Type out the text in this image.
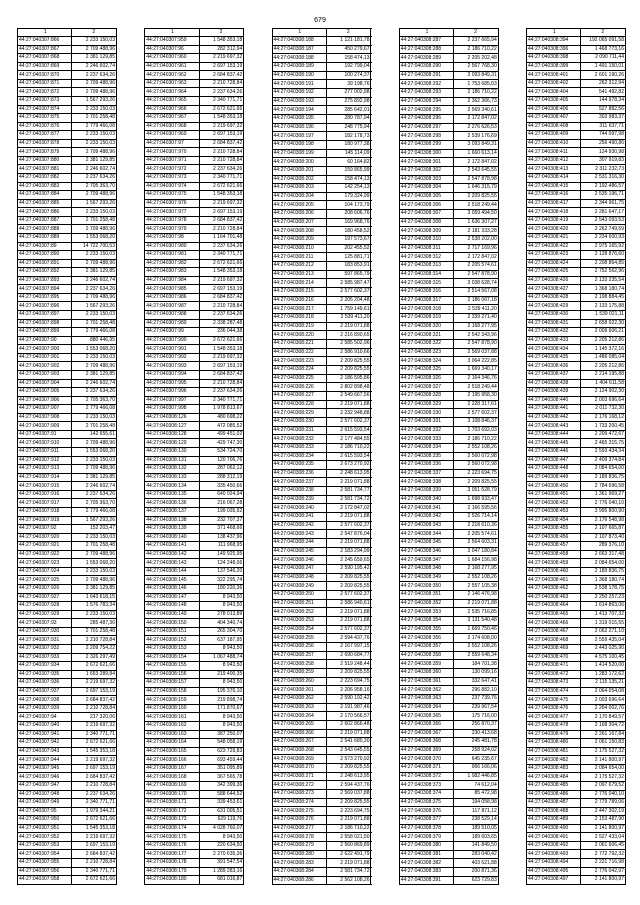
679
1	2
44:27:040307:866	2 233 150,03
44:27:040307:867	2 709 488,96
44:27:040307:868	2 381 129,85
44:27:040307:869	2 246 602,74
44:27:040307:870	2 237 634,26
44:27:040307:871	2 709 488,96
44:27:040307:872	2 709 488,96
44:27:040307:873	1 567 293,26
44:27:040307:874	2 233 150,03
44:27:040307:875	2 701 258,48
44:27:040307:876	2 779 466,08
44:27:040307:877	2 233 150,03
44:27:040307:878	2 233 150,03
44:27:040307:879	2 709 488,96
44:27:040307:880	2 381 129,85
44:27:040307:881	2 246 602,74
44:27:040307:882	2 237 634,26
44:27:040307:883	2 705 363,70
44:27:040307:884	2 709 488,96
44:27:040307:885	1 567 293,26
44:27:040307:886	2 233 150,03
44:27:040307:887	2 701 258,48
44:27:040307:888	2 709 488,96
44:27:040307:889	1 553 068,20
44:27:040307:89	14 722 700,53
44:27:040307:890	2 233 150,03
44:27:040307:891	2 709 488,96
44:27:040307:892	2 381 129,85
44:27:040307:893	2 246 602,74
44:27:040307:894	2 237 634,26
44:27:040307:895	2 709 488,96
44:27:040307:896	1 567 293,26
44:27:040307:897	2 233 150,03
44:27:040307:898	2 701 258,48
44:27:040307:899	2 779 466,08
44:27:040307:90	880 446,95
44:27:040307:900	1 553 068,20
44:27:040307:901	2 233 150,03
44:27:040307:902	2 709 488,96
44:27:040307:903	2 381 129,85
44:27:040307:904	2 246 602,74
44:27:040307:905	2 237 634,26
44:27:040307:906	2 705 363,70
44:27:040307:907	2 779 466,08
44:27:040307:908	2 233 150,03
44:27:040307:909	2 701 258,48
44:27:040307:91	142 655,61
44:27:040307:910	2 709 488,96
44:27:040307:911	1 553 068,20
44:27:040307:912	2 233 150,03
44:27:040307:913	2 709 488,96
44:27:040307:914	2 381 129,85
44:27:040307:915	2 246 602,74
44:27:040307:916	2 237 634,26
44:27:040307:917	2 705 363,70
44:27:040307:918	2 779 466,08
44:27:040307:919	1 567 293,26
44:27:040307:92	152 203,47
44:27:040307:920	2 233 150,03
44:27:040307:921	2 701 258,48
44:27:040307:922	2 709 488,96
44:27:040307:923	1 553 068,20
44:27:040307:924	2 233 150,03
44:27:040307:925	2 709 488,96
44:27:040307:926	2 381 129,85
44:27:040307:927	1 643 618,15
44:27:040307:928	1 576 783,34
44:27:040307:929	2 233 150,03
44:27:040307:93	285 487,36
44:27:040307:930	2 701 258,48
44:27:040307:931	2 210 728,84
44:27:040307:932	2 209 754,22
44:27:040307:933	2 326 297,49
44:27:040307:934	2 672 621,66
44:27:040307:935	1 653 289,84
44:27:040307:936	2 219 697,32
44:27:040307:937	2 697 153,19
44:27:040307:938	2 684 837,42
44:27:040307:939	2 210 728,84
44:27:040307:94	217 320,06
44:27:040307:940	2 219 697,32
44:27:040307:941	2 340 771,71
44:27:040307:942	2 672 621,66
44:27:040307:943	1 545 353,18
44:27:040307:944	2 219 697,32
44:27:040307:945	2 697 153,19
44:27:040307:946	2 684 837,42
44:27:040307:947	2 210 728,84
44:27:040307:948	2 237 634,26
44:27:040307:949	2 340 771,71
44:27:040307:95	1 979 344,21
44:27:040307:950	2 672 621,66
44:27:040307:951	1 545 353,18
44:27:040307:952	2 219 697,32
44:27:040307:953	2 697 153,19
44:27:040307:954	2 684 837,42
44:27:040307:955	2 210 728,84
44:27:040307:956	2 340 771,71
44:27:040307:958	2 672 621,66
1	2
44:27:040307:959	1 548 353,18
44:27:040307:96	282 312,94
44:27:040307:960	2 219 697,32
44:27:040307:961	2 697 153,19
44:27:040307:962	2 684 837,42
44:27:040307:963	2 210 728,84
44:27:040307:964	2 237 634,26
44:27:040307:965	2 340 771,71
44:27:040307:966	2 672 621,66
44:27:040307:967	1 548 353,18
44:27:040307:968	2 219 697,32
44:27:040307:969	2 697 153,19
44:27:040307:97	2 684 837,42
44:27:040307:970	2 210 728,84
44:27:040307:971	2 210 728,84
44:27:040307:972	2 237 634,26
44:27:040307:973	2 340 771,71
44:27:040307:974	2 672 621,66
44:27:040307:975	1 548 353,18
44:27:040307:976	2 219 697,32
44:27:040307:977	2 697 153,19
44:27:040307:978	2 684 837,42
44:27:040307:979	2 210 728,84
44:27:040307:98	1 164 701,48
44:27:040307:980	2 237 634,26
44:27:040307:981	2 340 771,71
44:27:040307:982	2 672 621,66
44:27:040307:983	1 548 353,18
44:27:040307:984	2 219 697,32
44:27:040307:985	2 697 153,19
44:27:040307:986	2 684 837,42
44:27:040307:987	2 210 728,84
44:27:040307:988	2 237 634,26
44:27:040307:989	2 338 287,48
44:27:040307:99	236 044,38
44:27:040307:990	2 672 621,66
44:27:040307:991	1 548 353,18
44:27:040307:992	2 219 697,32
44:27:040307:993	2 697 153,19
44:27:040307:994	2 684 837,42
44:27:040307:995	2 210 728,84
44:27:040307:996	2 237 634,26
44:27:040307:997	2 340 771,71
44:27:040307:998	1 978 813,67
44:27:040308:126	480 698,22
44:27:040308:127	472 085,52
44:27:040308:128	499 451,02
44:27:040308:129	429 747,30
44:27:040308:130	534 724,70
44:27:040308:131	120 706,76
44:27:040308:132	287 062,12
44:27:040308:133	288 312,19
44:27:040308:134	335 450,66
44:27:040308:135	640 024,94
44:27:040308:136	216 067,28
44:27:040308:137	199 035,92
44:27:040308:138	232 707,37
44:27:040308:139	371 468,66
44:27:040308:140	138 437,96
44:27:040308:141	111 968,95
44:27:040308:142	149 925,95
44:27:040308:143	124 248,06
44:27:040308:144	137 546,20
44:27:040308:145	322 295,74
44:27:040308:146	180 220,36
44:27:040308:147	8 943,50
44:27:040308:148	8 943,50
44:27:040308:149	278 013,89
44:27:040308:150	404 340,74
44:27:040308:151	265 304,70
44:27:040308:152	637 187,95
44:27:040308:153	8 943,50
44:27:040308:154	1 067 488,74
44:27:040308:155	8 943,50
44:27:040308:156	219 400,35
44:27:040308:157	8 943,50
44:27:040308:158	195 376,10
44:27:040308:159	219 898,74
44:27:040308:160	171 870,67
44:27:040308:161	8 943,50
44:27:040308:162	8 943,50
44:27:040308:163	387 250,07
44:27:040308:164	548 058,19
44:27:040308:165	623 729,83
44:27:040308:166	693 459,44
44:27:040308:167	351 095,89
44:27:040308:168	367 565,78
44:27:040308:169	342 399,36
44:27:040308:170	588 644,52
44:27:040308:171	339 453,61
44:27:040308:172	631 005,51
44:27:040308:173	629 119,76
44:27:040308:174	4 028 760,07
44:27:040308:175	8 943,50
44:27:040308:176	220 634,50
44:27:040308:177	2 270 635,36
44:27:040308:178	391 547,54
44:27:040308:179	1 289 283,16
44:27:040308:180	681 016,87
1	2
44:27:040308:188	1 121 181,78
44:27:040308:187	450 279,67
44:27:040308:188	158 474,13
44:27:040308:189	192 799,04
44:27:040308:190	100 274,37
44:27:040308:191	39 198,76
44:27:040308:192	277 002,98
44:27:040308:193	275 892,98
44:27:040308:194	285 642,01
44:27:040308:195	280 787,94
44:27:040308:196	248 775,94
44:27:040308:197	182 178,73
44:27:040308:198	180 977,38
44:27:040308:199	145 114,09
44:27:040308:200	60 164,82
44:27:040308:201	159 865,99
44:27:040308:202	158 474,13
44:27:040308:203	142 254,13
44:27:040308:204	179 324,99
44:27:040308:205	104 173,79
44:27:040308:206	208 606,76
44:27:040308:207	169 968,76
44:27:040308:208	180 458,52
44:27:040308:209	197 573,67
44:27:040308:210	202 455,52
44:27:040308:211	125 881,71
44:27:040308:212	183 853,91
44:27:040308:213	597 865,79
44:27:040308:214	2 585 987,47
44:27:040308:215	2 577 602,37
44:27:040308:216	2 205 204,48
44:27:040308:217	1 759 149,61
44:27:040308:218	2 539 411,20
44:27:040308:219	2 219 071,88
44:27:040308:220	2 216 890,65
44:27:040308:221	2 585 502,96
44:27:040308:222	2 586 910,66
44:27:040308:223	2 209 825,55
44:27:040308:224	2 209 825,55
44:27:040308:225	2 186 595,86
44:27:040308:226	2 802 898,48
44:27:040308:227	2 549 667,56
44:27:040308:228	2 219 071,88
44:27:040308:229	2 232 948,88
44:27:040308:230	2 577 602,37
44:27:040308:231	2 615 593,54
44:27:040308:232	2 177 484,55
44:27:040308:233	2 186 710,22
44:27:040308:234	2 615 593,54
44:27:040308:235	2 673 270,92
44:27:040308:236	2 248 613,95
44:27:040308:237	2 219 071,88
44:27:040308:238	2 581 734,77
44:27:040308:239	2 581 734,72
44:27:040308:240	2 172 847,02
44:27:040308:241	2 219 071,88
44:27:040308:242	2 577 602,37
44:27:040308:243	2 547 876,04
44:27:040308:244	2 219 071,88
44:27:040308:245	2 183 294,99
44:27:040308:246	2 245 659,65
44:27:040308:247	2 590 195,42
44:27:040308:248	2 209 825,55
44:27:040308:249	2 209 825,55
44:27:040308:250	2 577 602,37
44:27:040308:251	2 586 940,61
44:27:040308:252	2 219 071,88
44:27:040308:253	2 219 071,88
44:27:040308:254	2 577 602,37
44:27:040308:255	2 594 437,76
44:27:040308:256	2 167 997,15
44:27:040308:257	2 690 684,77
44:27:040308:258	2 519 248,44
44:27:040308:259	2 209 825,55
44:27:040308:260	2 223 694,75
44:27:040308:261	2 206 958,16
44:27:040308:262	2 590 192,42
44:27:040308:263	2 191 987,46
44:27:040308:264	2 170 566,57
44:27:040308:265	2 602 866,48
44:27:040308:266	2 219 071,88
44:27:040308:267	2 541 680,30
44:27:040308:268	2 543 645,55
44:27:040308:269	2 573 270,92
44:27:040308:270	2 209 825,55
44:27:040308:271	2 248 613,95
44:27:040308:272	2 594 437,76
44:27:040308:273	2 569 037,88
44:27:040308:274	2 209 825,55
44:27:040308:275	2 223 694,75
44:27:040308:276	2 219 071,88
44:27:040308:277	2 186 710,22
44:27:040308:278	2 558 021,50
44:27:040308:279	2 560 869,89
44:27:040308:280	2 622 491,79
44:27:040308:283	2 219 071,88
44:27:040308:284	2 581 734,72
44:27:040308:286	2 562 108,26
1	2
44:27:040308:287	2 237 665,94
44:27:040308:288	2 186 710,22
44:27:040308:289	2 205 202,48
44:27:040308:290	2 567 768,30
44:27:040308:291	3 093 849,31
44:27:040308:292	1 753 685,03
44:27:040308:293	2 186 710,22
44:27:040308:294	2 362 366,73
44:27:040308:295	2 569 340,61
44:27:040308:296	2 172 847,02
44:27:040308:297	2 276 626,53
44:27:040308:298	2 539 176,69
44:27:040308:299	3 093 849,31
44:27:040308:300	1 660 613,14
44:27:040308:301	2 172 847,02
44:27:040308:302	2 543 645,55
44:27:040308:303	2 547 878,98
44:27:040308:304	1 646 315,79
44:27:040308:305	2 209 825,55
44:27:040308:306	2 518 249,44
44:27:040308:307	3 059 494,50
44:27:040308:308	1 636 307,27
44:27:040308:309	2 181 333,28
44:27:040308:310	2 538 202,00
44:27:040308:311	2 717 169,96
44:27:040308:312	2 172 847,02
44:27:040308:313	2 205 574,61
44:27:040308:314	2 547 878,90
44:27:040308:315	3 038 628,74
44:27:040308:316	2 514 567,08
44:27:040308:317	2 186 067,18
44:27:040308:318	2 539 411,20
44:27:040308:319	2 339 271,40
44:27:040308:320	2 168 277,95
44:27:040308:321	2 542 343,96
44:27:040308:322	2 547 878,90
44:27:040308:323	2 569 037,88
44:27:040308:324	3 064 222,85
44:27:040308:325	1 669 340,17
44:27:040308:326	2 164 346,76
44:27:040308:327	2 518 249,44
44:27:040308:328	2 195 958,30
44:27:040308:329	2 228 317,61
44:27:040308:330	2 577 602,37
44:27:040308:331	3 108 846,37
44:27:040308:332	1 703 692,03
44:27:040308:333	2 186 710,22
44:27:040308:334	2 552 108,26
44:27:040308:335	2 560 072,98
44:27:040308:336	2 560 072,98
44:27:040308:337	2 223 694,75
44:27:040308:338	2 209 825,55
44:27:040308:339	3 051 528,79
44:27:040308:340	1 698 933,47
44:27:040308:341	2 166 595,56
44:27:040308:342	2 526 714,14
44:27:040308:343	2 218 610,36
44:27:040308:344	2 205 574,61
44:27:040308:345	2 564 603,31
44:27:040308:346	3 047 180,84
44:27:040308:347	1 684 156,98
44:27:040308:348	2 168 277,95
44:27:040308:349	2 552 108,26
44:27:040308:350	2 557 105,38
44:27:040308:351	2 146 476,98
44:27:040308:352	2 219 071,88
44:27:040308:353	2 535 716,85
44:27:040308:354	3 131 540,48
44:27:040308:355	1 669 750,46
44:27:040308:356	2 174 608,00
44:27:040308:357	2 552 108,26
44:27:040308:358	2 559 648,34
44:27:040308:359	184 701,38
44:27:040308:360	130 099,16
44:27:040308:361	332 647,41
44:27:040308:362	296 882,10
44:27:040308:363	237 739,76
44:27:040308:364	239 967,54
44:27:040308:365	175 716,00
44:27:040308:366	256 870,37
44:27:040308:367	230 413,68
44:27:040308:368	245 481,78
44:27:040308:369	258 924,02
44:27:040308:370	645 235,67
44:27:040308:371	966 166,06
44:27:040308:372	1 082 446,85
44:27:040308:373	74 612,04
44:27:040308:374	85 472,98
44:27:040308:375	194 058,98
44:27:040308:376	117 871,12
44:27:040308:377	238 529,14
44:27:040308:378	189 510,05
44:27:040308:379	189 603,65
44:27:040308:380	141 849,50
44:27:040308:381	283 040,42
44:27:040308:382	403 621,88
44:27:040308:383	200 871,36
44:27:040308:391	623 729,83
1	2
44:27:040308:394	192 065 091,58
44:27:040308:396	1 468 773,16
44:27:040308:398	2 090 711,44
44:27:040308:399	1 491 150,01
44:27:040308:401	2 601 190,26
44:27:040308:402	262 312,94
44:27:040308:404	541 492,82
44:27:040308:405	144 978,34
44:27:040308:406	527 882,56
44:27:040308:407	302 983,37
44:27:040308:408	311 637,71
44:27:040308:409	744 097,98
44:27:040308:410	256 490,86
44:27:040308:411	124 930,98
44:27:040308:412	307 919,83
44:27:040308:413	2 311 232,73
44:27:040308:414	2 531 316,30
44:27:040308:415	2 192 486,57
44:27:040308:416	2 535 196,71
44:27:040308:417	2 344 961,75
44:27:040308:418	2 281 647,17
44:27:040308:419	2 543 093,53
44:27:040308:420	2 262 749,59
44:27:040308:421	2 234 600,93
44:27:040308:422	2 975 165,92
44:27:040308:423	2 128 876,60
44:27:040308:424	2 208 864,85
44:27:040308:425	2 752 562,96
44:27:040308:426	2 133 235,54
44:27:040308:427	1 368 180,74
44:27:040308:428	2 198 884,45
44:27:040308:429	2 133 175,88
44:27:040308:430	1 539 021,11
44:27:040308:431	2 658 022,30
44:27:040308:432	2 009 606,21
44:27:040308:433	2 205 212,86
44:27:040308:434	1 145 372,16
44:27:040308:435	1 486 085,04
44:27:040308:436	2 205 212,86
44:27:040308:437	2 214 195,88
44:27:040308:438	1 404 611,58
44:27:040308:439	2 124 902,30
44:27:040308:440	2 003 696,64
44:27:040308:441	2 011 732,30
44:27:040308:442	2 176 168,12
44:27:040308:443	1 733 200,45
44:27:040308:444	2 209 472,67
44:27:040308:445	2 465 315,75
44:27:040308:446	2 593 434,34
44:27:040308:447	2 409 374,84
44:27:040308:448	2 084 654,00
44:27:040308:449	2 189 836,75
44:27:040308:450	2 784 696,58
44:27:040308:451	1 361 969,27
44:27:040308:452	2 776 040,10
44:27:040308:453	3 995 800,90
44:27:040308:454	2 176 548,98
44:27:040308:455	2 107 665,87
44:27:040308:456	2 107 873,40
44:27:040308:457	289 376,10
44:27:040308:458	2 663 317,48
44:27:040308:459	2 084 654,00
44:27:040308:460	2 189 836,75
44:27:040308:461	1 368 180,74
44:27:040308:462	2 538 178,75
44:27:040308:463	2 250 257,23
44:27:040308:464	1 614 863,06
44:27:040308:465	1 413 707,32
44:27:040308:466	1 319 015,55
44:27:040308:467	2 062 271,10
44:27:040308:468	2 559 435,04
44:27:040308:469	2 443 025,90
44:27:040308:470	4 575 100,45
44:27:040308:471	1 414 520,00
44:27:040308:472	1 283 172,62
44:27:040308:473	2 115 135,21
44:27:040308:474	2 064 054,08
44:27:040308:475	2 003 696,64
44:27:040308:476	2 264 002,76
44:27:040308:477	2 170 849,57
44:27:040308:478	2 168 304,72
44:27:040308:479	2 261 167,84
44:27:040308:480	2 061 150,83
44:27:040308:481	2 175 527,32
44:27:040308:482	2 141 800,97
44:27:040308:483	2 084 654,00
44:27:040308:484	2 175 527,32
44:27:040308:485	2 097 679,52
44:27:040308:486	2 776 040,10
44:27:040308:487	2 779 789,06
44:27:040308:488	2 447 302,19
44:27:040308:489	2 153 487,90
44:27:040308:490	2 141 800,97
44:27:040308:491	2 527 433,04
44:27:040308:492	2 061 606,45
44:27:040308:493	2 772 792,32
44:27:040308:494	2 221 716,98
44:27:040308:495	2 776 042,97
44:27:040308:497	2 141 800,97
